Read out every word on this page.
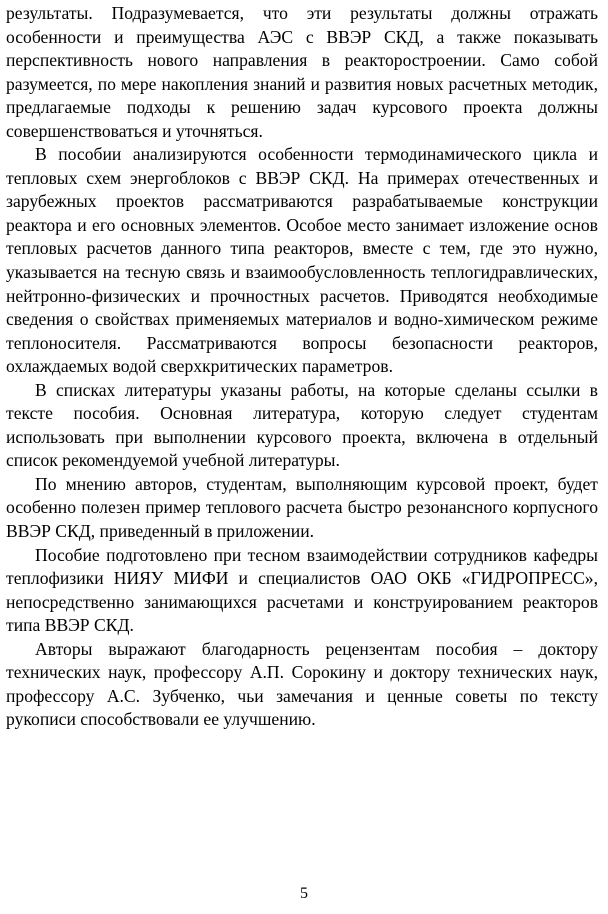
результаты. Подразумевается, что эти результаты должны отражать особенности и преимущества АЭС с ВВЭР СКД, а также показывать перспективность нового направления в реакторостроении. Само собой разумеется, по мере накопления знаний и развития новых расчетных методик, предлагаемые подходы к решению задач курсового проекта должны совершенствоваться и уточняться.

В пособии анализируются особенности термодинамического цикла и тепловых схем энергоблоков с ВВЭР СКД. На примерах отечественных и зарубежных проектов рассматриваются разрабатываемые конструкции реактора и его основных элементов. Особое место занимает изложение основ тепловых расчетов данного типа реакторов, вместе с тем, где это нужно, указывается на тесную связь и взаимообусловленность теплогидравлических, нейтронно-физических и прочностных расчетов. Приводятся необходимые сведения о свойствах применяемых материалов и водно-химическом режиме теплоносителя. Рассматриваются вопросы безопасности реакторов, охлаждаемых водой сверхкритических параметров.

В списках литературы указаны работы, на которые сделаны ссылки в тексте пособия. Основная литература, которую следует студентам использовать при выполнении курсового проекта, включена в отдельный список рекомендуемой учебной литературы.

По мнению авторов, студентам, выполняющим курсовой проект, будет особенно полезен пример теплового расчета быстро резонансного корпусного ВВЭР СКД, приведенный в приложении.

Пособие подготовлено при тесном взаимодействии сотрудников кафедры теплофизики НИЯУ МИФИ и специалистов ОАО ОКБ «ГИДРОПРЕСС», непосредственно занимающихся расчетами и конструированием реакторов типа ВВЭР СКД.

Авторы выражают благодарность рецензентам пособия – доктору технических наук, профессору А.П. Сорокину и доктору технических наук, профессору А.С. Зубченко, чьи замечания и ценные советы по тексту рукописи способствовали ее улучшению.

5
